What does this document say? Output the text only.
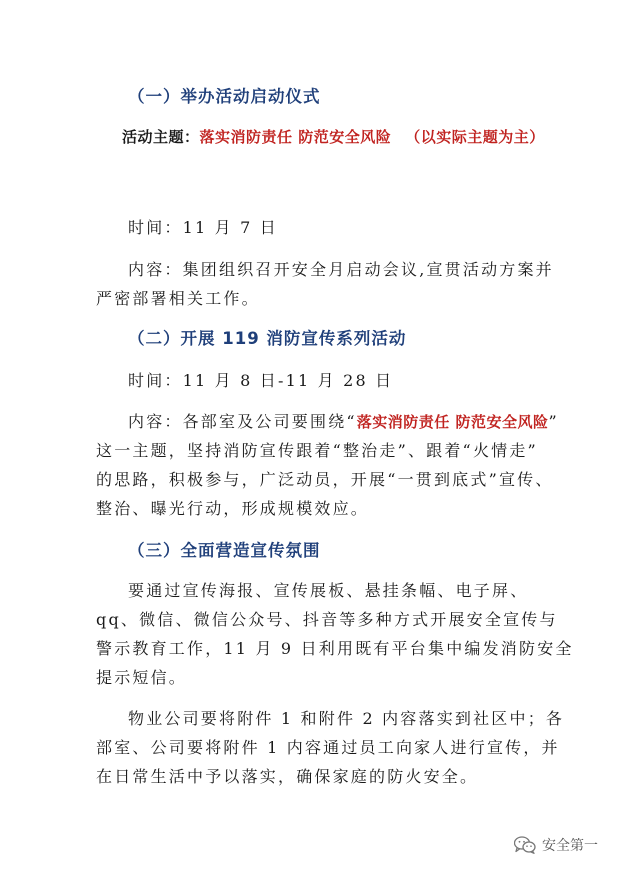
（一）举办活动启动仪式
活动主题：落实消防责任 防范安全风险 （以实际主题为主）
时间：11 月 7 日
内容：集团组织召开安全月启动会议,宣贯活动方案并
严密部署相关工作。
（二）开展 119 消防宣传系列活动
时间：11 月 8 日-11 月 28 日
内容：各部室及公司要围绕“落实消防责任 防范安全风险”
这一主题，坚持消防宣传跟着“整治走”、跟着“火情走”
的思路，积极参与，广泛动员，开展“一贯到底式”宣传、
整治、曝光行动，形成规模效应。
（三）全面营造宣传氛围
要通过宣传海报、宣传展板、悬挂条幅、电子屏、
qq、微信、微信公众号、抖音等多种方式开展安全宣传与
警示教育工作，11 月 9 日利用既有平台集中编发消防安全
提示短信。
物业公司要将附件 1 和附件 2 内容落实到社区中；各
部室、公司要将附件 1 内容通过员工向家人进行宣传，并
在日常生活中予以落实，确保家庭的防火安全。
安全第一
